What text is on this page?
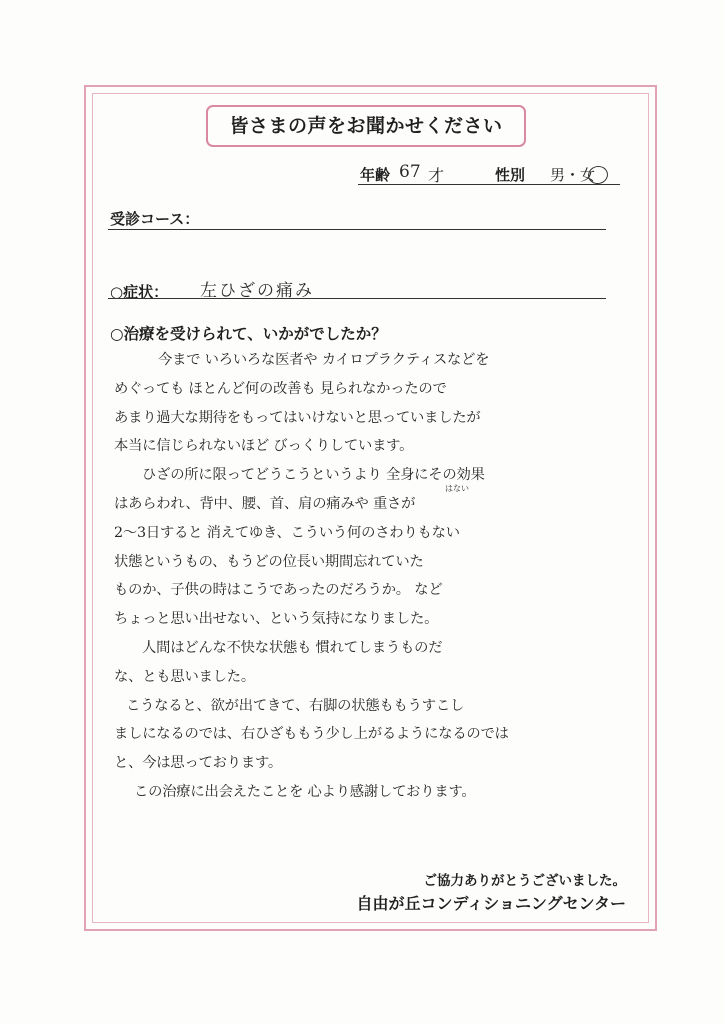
皆さまの声をお聞かせください
年齢 67 才	性別 男・女
受診コース：
○症状： 左ひざの痛み
○治療を受けられて、いかがでしたか？
今まで いろいろな医者や カイロプラクティスなどを
めぐっても ほとんど何の改善も 見られなかったので
あまり過大な期待をもってはいけないと思っていましたが
本当に信じられないほど びっくりしています。
ひざの所に限ってどうこうというより 全身にその効果
はあらわれ、背中、腰、首、肩の痛みや 重さが
2～3日すると 消えてゆき、こういう何のさわりもない
状態というもの、もうどの位長い期間忘れていた
ものか、子供の時はこうであったのだろうか。 など
ちょっと思い出せない、という気持になりました。
人間はどんな不快な状態も 慣れてしまうものだ
な、とも思いました。
こうなると、欲が出てきて、右脚の状態ももうすこし
ましになるのでは、右ひざももう少し上がるようになるのでは
と、今は思っております。
この治療に出会えたことを 心より感謝しております。
はない
ご協力ありがとうございました。
自由が丘コンディショニングセンター
